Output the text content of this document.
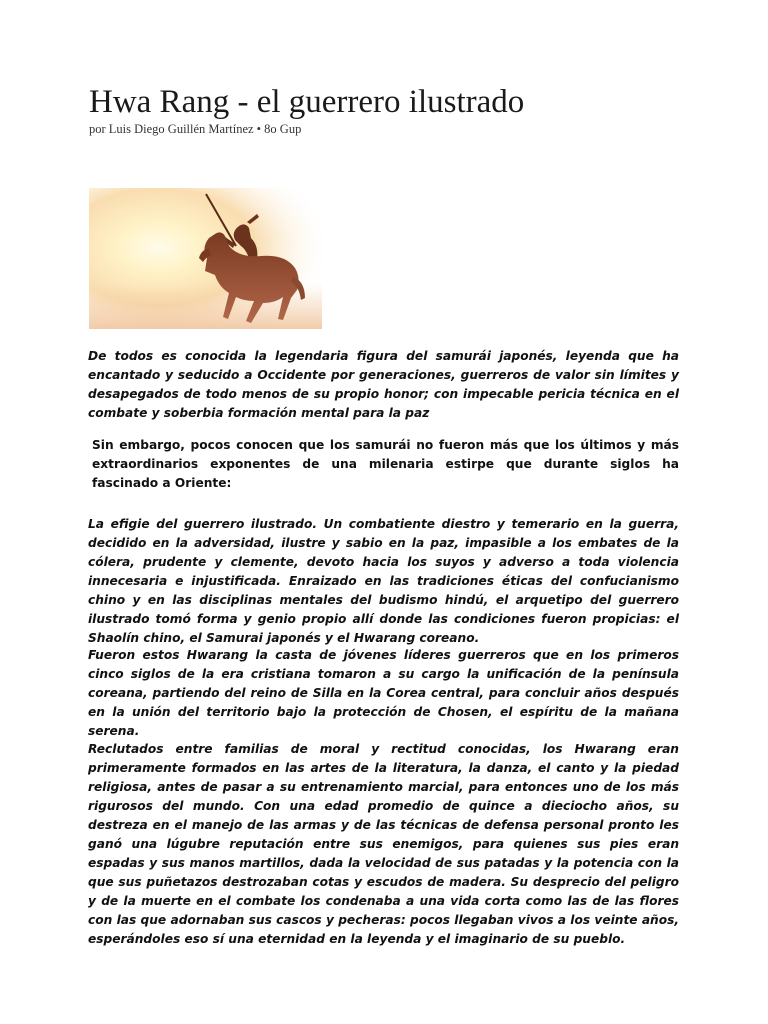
Hwa Rang - el guerrero ilustrado
por Luis Diego Guillén Martínez • 8o Gup

De todos es conocida la legendaria figura del samurái japonés, leyenda que ha encantado y seducido a Occidente por generaciones, guerreros de valor sin límites y desapegados de todo menos de su propio honor; con impecable pericia técnica en el combate y soberbia formación mental para la paz

Sin embargo, pocos conocen que los samurái no fueron más que los últimos y más extraordinarios exponentes de una milenaria estirpe que durante siglos ha fascinado a Oriente:

La efigie del guerrero ilustrado. Un combatiente diestro y temerario en la guerra, decidido en la adversidad, ilustre y sabio en la paz, impasible a los embates de la cólera, prudente y clemente, devoto hacia los suyos y adverso a toda violencia innecesaria e injustificada. Enraizado en las tradiciones éticas del confucianismo chino y en las disciplinas mentales del budismo hindú, el arquetipo del guerrero ilustrado tomó forma y genio propio allí donde las condiciones fueron propicias: el Shaolín chino, el Samurai japonés y el Hwarang coreano.

Fueron estos Hwarang la casta de jóvenes líderes guerreros que en los primeros cinco siglos de la era cristiana tomaron a su cargo la unificación de la península coreana, partiendo del reino de Silla en la Corea central, para concluir años después en la unión del territorio bajo la protección de Chosen, el espíritu de la mañana serena.

Reclutados entre familias de moral y rectitud conocidas, los Hwarang eran primeramente formados en las artes de la literatura, la danza, el canto y la piedad religiosa, antes de pasar a su entrenamiento marcial, para entonces uno de los más rigurosos del mundo. Con una edad promedio de quince a dieciocho años, su destreza en el manejo de las armas y de las técnicas de defensa personal pronto les ganó una lúgubre reputación entre sus enemigos, para quienes sus pies eran espadas y sus manos martillos, dada la velocidad de sus patadas y la potencia con la que sus puñetazos destrozaban cotas y escudos de madera. Su desprecio del peligro y de la muerte en el combate los condenaba a una vida corta como las de las flores con las que adornaban sus cascos y pecheras: pocos llegaban vivos a los veinte años, esperándoles eso sí una eternidad en la leyenda y el imaginario de su pueblo.
